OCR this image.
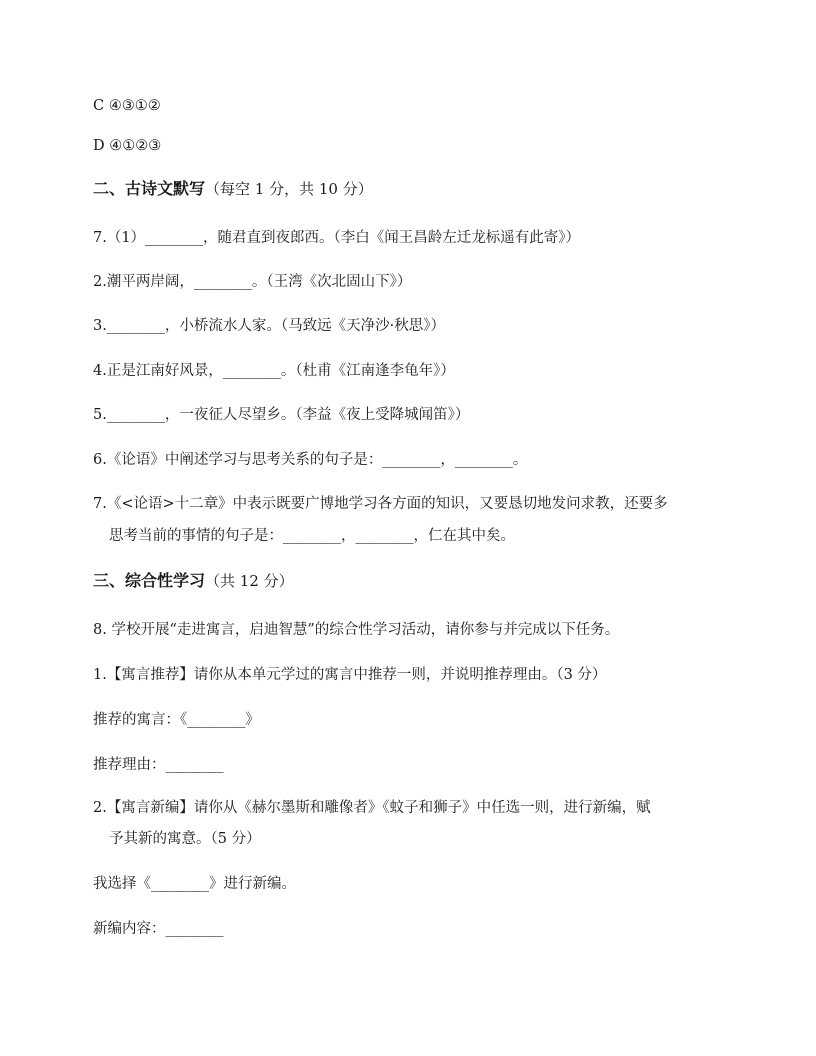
C ④③①②
D ④①②③
二、古诗文默写（每空 1 分，共 10 分）
7.（1）________，随君直到夜郎西。（李白《闻王昌龄左迁龙标遥有此寄》）
2.潮平两岸阔，________。（王湾《次北固山下》）
3.________，小桥流水人家。（马致远《天净沙·秋思》）
4.正是江南好风景，________。（杜甫《江南逢李龟年》）
5.________，一夜征人尽望乡。（李益《夜上受降城闻笛》）
6.《论语》中阐述学习与思考关系的句子是：________，________。
7.《<论语>十二章》中表示既要广博地学习各方面的知识，又要恳切地发问求教，还要多
思考当前的事情的句子是：________，________，仁在其中矣。
三、综合性学习（共 12 分）
8. 学校开展“走进寓言，启迪智慧”的综合性学习活动，请你参与并完成以下任务。
1.【寓言推荐】请你从本单元学过的寓言中推荐一则，并说明推荐理由。（3 分）
推荐的寓言：《________》
推荐理由：________
2.【寓言新编】请你从《赫尔墨斯和雕像者》《蚊子和狮子》中任选一则，进行新编，赋
予其新的寓意。（5 分）
我选择《________》进行新编。
新编内容：________
